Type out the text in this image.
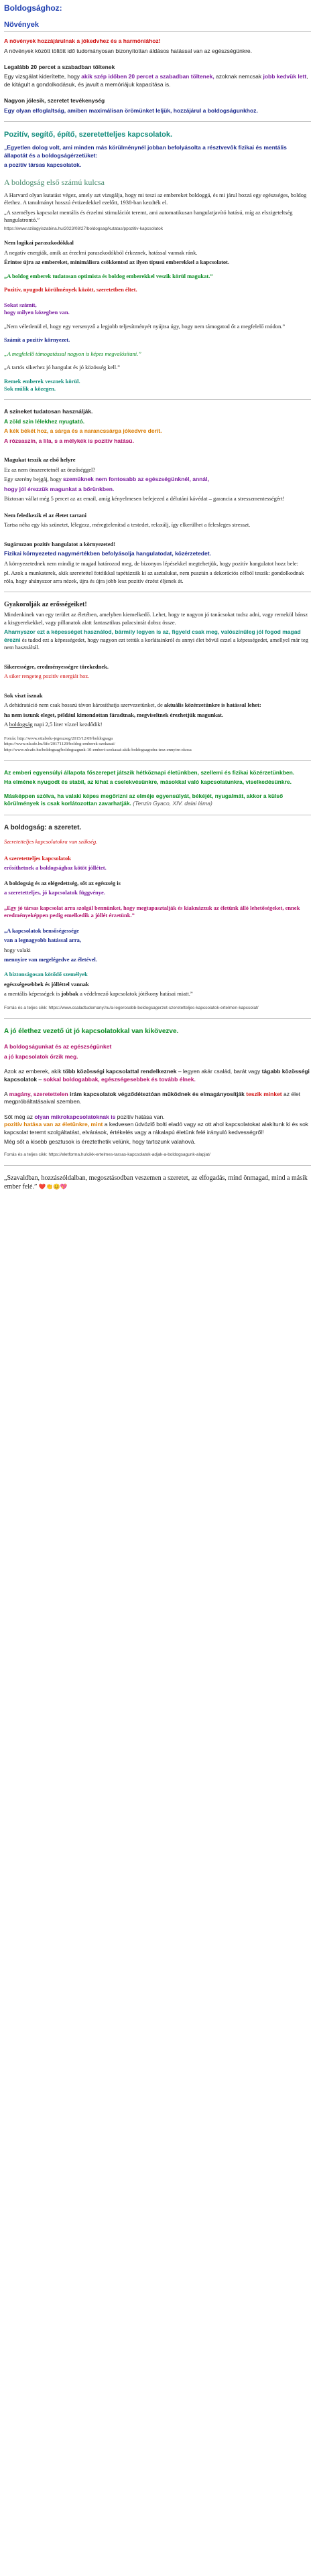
Boldogsághoz:
Növények
A növények hozzájárulnak a jókedvhez és a harmóniához!
A növények között töltött idő tudományosan bizonyítottan áldásos hatással van az egészségünkre.
Legalább 20 percet a szabadban töltenek
Egy vizsgálat kiderítette, hogy akik szép időben 20 percet a szabadban töltenek, azoknak nemcsak jobb kedvük lett, de kitágult a gondolkodásuk, és javult a memóriájuk kapacitása is.
Nagyon jólesik, szeretet tevékenység
Egy olyan elfoglaltság, amiben maximálisan örömünket leljük, hozzájárul a boldogságunkhoz.
Pozitív, segítő, építő, szeretetteljes kapcsolatok.
„Egyetlen dolog volt, ami minden más körülménynél jobban befolyásolta a résztvevők fizikai és mentális állapotát és a boldogságérzetüket:
a pozitív társas kapcsolatok.
A boldogság első számú kulcsa
A Harvard olyan kutatást végez, amely azt vizsgálja, hogy mi teszi az embereket boldoggá, és mi járul hozzá egy egészséges, boldog élethez. A tanulmányt hosszú évtizedekkel ezelőtt, 1938-ban kezdték el.
„A személyes kapcsolat mentális és érzelmi stimulációt teremt, ami automatikusan hangulatjavító hatású, míg az elszigeteltség hangulatrontó.”
https://www.szilagyiszabina.hu/2023/08/27/boldogsag/kutatas/ppozitiv-kapcsolatok
Nem logikai paraszkodókkal
A negatív energiák, amik az érzelmi paraszkodókból érkeznek, hatással vannak ránk.
Érintse újra az embereket, minimálisra csökkentsd az ilyen típusú emberekkel a kapcsolatot.
„A boldog emberek tudatosan optimista és boldog emberekkel veszik körül magukat.”
Pozitív, nyugodt körülmények között, szeretetben éltet.
Sokat számít,
hogy milyen közegben van.
„Nem véletlenül el, hogy egy versenyző a legjobb teljesítményét nyújtsa úgy, hogy nem támogatod őt a megfelelő módon.”
Számít a pozitív környezet.
„A megfelelő támogatással nagyon is képes megvalósítani.”
„A tartós sikerhez jó hangulat és jó közösség kell.”
Remek emberek vesznek körül.
Sok múlik a közegen.
A színeket tudatosan használják.
A zöld szín lélekhez nyugtató.
A kék békét hoz, a sárga és a narancssárga jókedvre derít.
A rózsaszín, a lila, s a mélykék is pozitív hatású.
Magukat teszik az első helyre
Ez az nem önszeretetnél az önzőséggel?
Egy szerény bejgáj, hogy szemüknek nem fontosabb az egészségünknél, annál,
hogy jól érezzük magunkat a bőrünkben.
Biztosan vállat még 5 percet az az email, amíg kényelmesen befejezed a délutáni kávédat – garancia a stresszmentességért!
Nem feledkezik el az életet tartani
Tartsa néha egy kis szünetet, lélegezz, méregtelenítsd a testedet, relaxálj, így elkerülhet a felesleges stresszt.
Sugározzon pozitív hangulatot a környezeted!
Fizikai környezeted nagymértékben befolyásolja hangulatodat, közérzetedet.
A környezetednek nem mindig te magad határozod meg, de bizonyos lépésekkel megtehetjük, hogy pozitív hangulatot hozz bele:
pl. Azok a munkaterek, akik szeretettel fotóikkal tapétázzák ki az asztalukat, nem pusztán a dekorációs célból teszik: gondolkodnak róla, hogy ahányszor arra nézek, újra és újra jobb lesz pozitív érzést éljenek át.
Gyakorolják az erősségeiket!
Mindenkinek van egy terület az életében, amelyben kiemelkedő. Lehet, hogy te nagyon jó tanácsokat tudsz adni, vagy remekül bánsz a kisgyerekekkel, vagy pillanatok alatt fantasztikus palacsintát dobsz össze.
Aharnyszor ezt a képességet használod, bármily legyen is az, figyeld csak meg, valószínűleg jól fogod magad érezni és tudod ezt a képességedet, hogy nagyon ezt tettük a korlátainkról és annyi élet bővül ezzel a képességedet, amellyel már teg nem használtál.
Sikerességre, eredményességre törekednek.
A siker rengeteg pozitív energiát hoz.
Sok viszt isznak
A dehidratáció nem csak hosszú távon károsíthatja szervezetünket, de aktuális közérzetünkre is hatással lehet:
ha nem iszunk eleget, például kimondottan fáradtnak, megviseltnek érezhetjük magunkat.
A boldogság napi 2,5 liter vízzel kezdődik!
Forrás: http://www.ottabolu-jegeszseg/2015/12/09/boldogsaga
https://www.nlcafe.hu/life/20171129/boldog-emberek-szokasai/
http://www.nlcafe.hu/boldogsag/boldogsagunk-10-emberi-szokasai-akik-boldogsagodra-tesz-ennyire-okosa
Az emberi egyensúlyi állapota főszerepet játszik hétköznapi életünkben, szellemi és fizikai közérzetünkben.
Ha elmének nyugodt és stabil, az kihat a cselekvésünkre, másokkal való kapcsolatunkra, viselkedésünkre.
Másképpen szólva, ha valaki képes megőrizni az elméje egyensúlyát, békéjét, nyugalmát, akkor a külső körülmények is csak korlátozottan zavarhatják. (Tenzin Gyaco, XIV. dalai láma)
A boldogság: a szeretet.
Szeretetteljes kapcsolatokra van szükség.
A szeretetteljes kapcsolatok
erősíthetnek a boldogsághoz kötöt jóllétet.
A boldogság és az elégedettség, sőt az egészség is
a szeretetteljes, jó kapcsolatok függvénye.
„Egy jó társas kapcsolat arra szolgál bennünket, hogy megtapasztalják és kiaknázzuk az életünk álló lehetőségeket, ennek eredményeképpen pedig emelkedik a jóllét érzetünk.”
„A kapcsolatok bensőségessége
van a legnagyobb hatással arra,
hogy valaki
mennyire van megelégedve az életével.
A biztonságosan kötődő személyek
egészségesebbek és jólléttel vannak
a mentális képességek is jobbak a védelmező kapcsolatok jótékony hatásai miatt.”
Forrás és a teljes cikk: https://www.csaladtudomany.hu/a-legerosebb-boldogsagerzet-szeretetteljes-kapcsolatok-ertelmen-kapcsolat/
A jó élethez vezető út jó kapcsolatokkal van kikövezve.
A boldogságunkat és az egészségünket
a jó kapcsolatok őrzik meg.
Azok az emberek, akik több közösségi kapcsolattal rendelkeznek – legyen akár család, barát vagy tágabb közösségi kapcsolatok – sokkal boldogabbak, egészségesebbek és tovább élnek.
A magány, szeretettelen irám kapcsolatok végződéteztóan működnek és elmagányosítják teszik minket az élet megpróbáltatásaival szemben.
Sőt még az olyan mikrokapcsolatoknak is pozitív hatása van.
pozitív hatása van az életünkre, mint a kedvesen üdvözlő bolti eladó vagy az ott ahol kapcsolatokat alakítunk ki és sok kapcsolat teremt szolgáltatást, elvárások, értékelés vagy a rákalapú életünk felé irányuló kedvességről!
Még sőt a kisebb gesztusok is éreztethetik velünk, hogy tartozunk valahová.
Forrás és a teljes cikk: https://eletforma.hu/cikk-ertelmes-tarsas-kapcsolatok-adjak-a-boldogsagunk-alapjat/
„Szavaldban, hozzászóldalban, megosztásodban veszemen a szeretet, az elfogadás, mind önmagad, mind a másik ember felé.” ❤️👏😊💖
